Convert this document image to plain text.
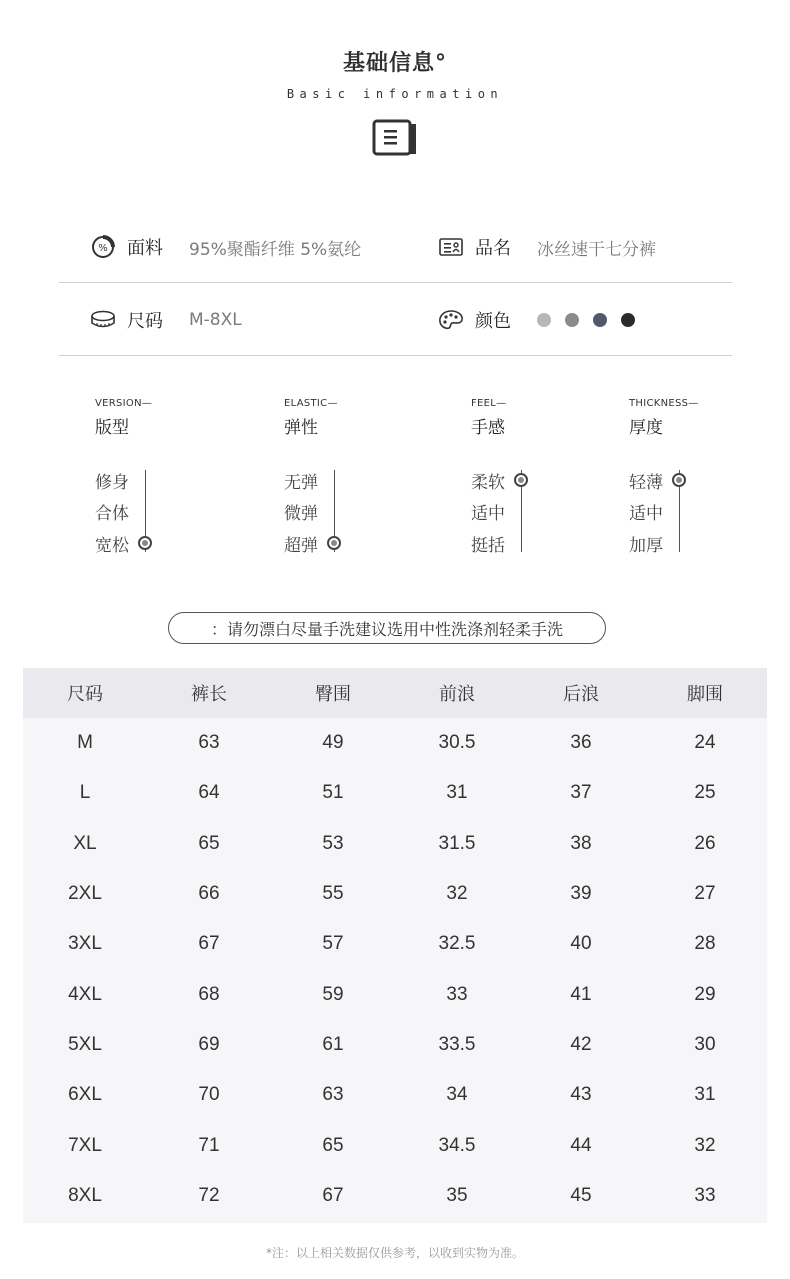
基础信息°
Basic information
% 面料 95%聚酯纤维 5%氨纶	品名 冰丝速干七分裤
尺码 M-8XL	颜色
VERSION—
版型
修身
合体
宽松
ELASTIC—
弹性
无弹
微弹
超弹
FEEL—
手感
柔软
适中
挺括
THICKNESS—
厚度
轻薄
适中
加厚
：请勿漂白尽量手洗建议选用中性洗涤剂轻柔手洗
尺码	裤长	臀围	前浪	后浪	脚围
M	63	49	30.5	36	24
L	64	51	31	37	25
XL	65	53	31.5	38	26
2XL	66	55	32	39	27
3XL	67	57	32.5	40	28
4XL	68	59	33	41	29
5XL	69	61	33.5	42	30
6XL	70	63	34	43	31
7XL	71	65	34.5	44	32
8XL	72	67	35	45	33
*注：以上相关数据仅供参考，以收到实物为准。
